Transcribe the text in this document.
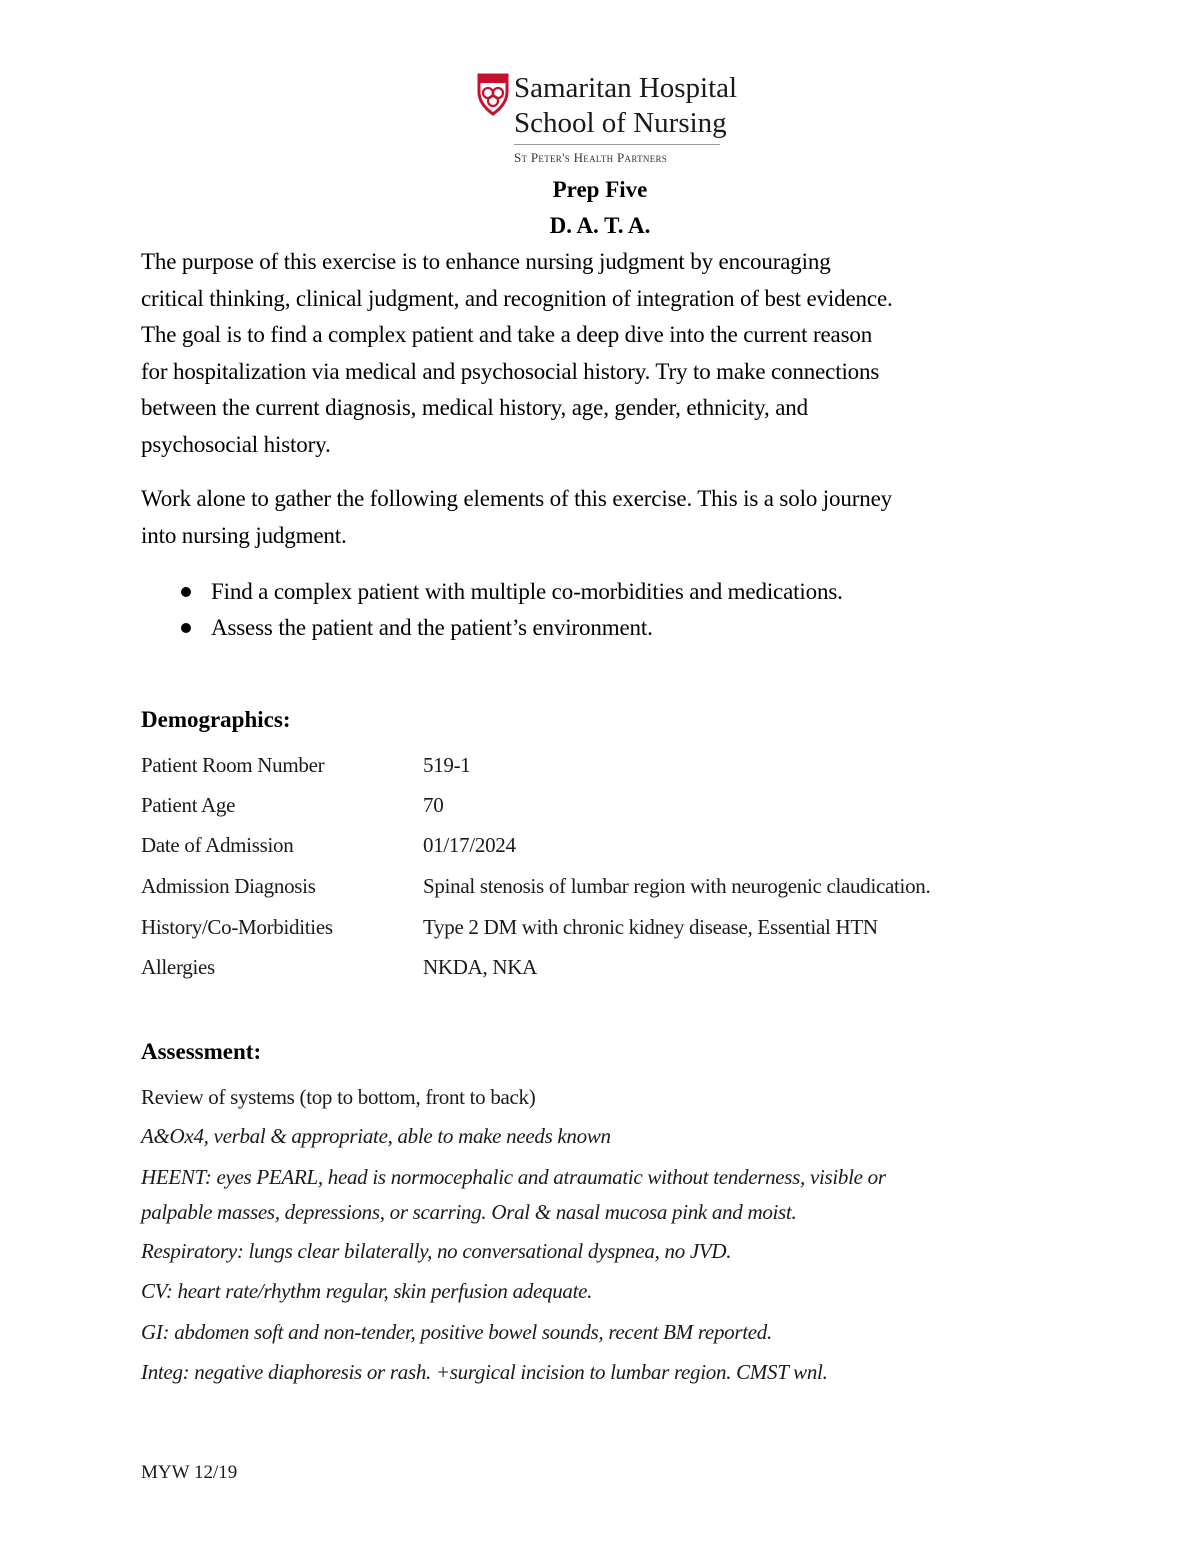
Samaritan Hospital
School of Nursing
St Peter's Health Partners
Prep Five
D. A. T. A.
The purpose of this exercise is to enhance nursing judgment by encouraging
critical thinking, clinical judgment, and recognition of integration of best evidence.
The goal is to find a complex patient and take a deep dive into the current reason
for hospitalization via medical and psychosocial history. Try to make connections
between the current diagnosis, medical history, age, gender, ethnicity, and
psychosocial history.
Work alone to gather the following elements of this exercise. This is a solo journey
into nursing judgment.
Find a complex patient with multiple co-morbidities and medications.
Assess the patient and the patient’s environment.
Demographics:
Patient Room Number	519-1
Patient Age	70
Date of Admission	01/17/2024
Admission Diagnosis	Spinal stenosis of lumbar region with neurogenic claudication.
History/Co-Morbidities	Type 2 DM with chronic kidney disease, Essential HTN
Allergies	NKDA, NKA
Assessment:
Review of systems (top to bottom, front to back)
A&Ox4, verbal & appropriate, able to make needs known
HEENT: eyes PEARL, head is normocephalic and atraumatic without tenderness, visible or
palpable masses, depressions, or scarring. Oral & nasal mucosa pink and moist.
Respiratory: lungs clear bilaterally, no conversational dyspnea, no JVD.
CV: heart rate/rhythm regular, skin perfusion adequate.
GI: abdomen soft and non-tender, positive bowel sounds, recent BM reported.
Integ: negative diaphoresis or rash. +surgical incision to lumbar region. CMST wnl.
MYW 12/19
